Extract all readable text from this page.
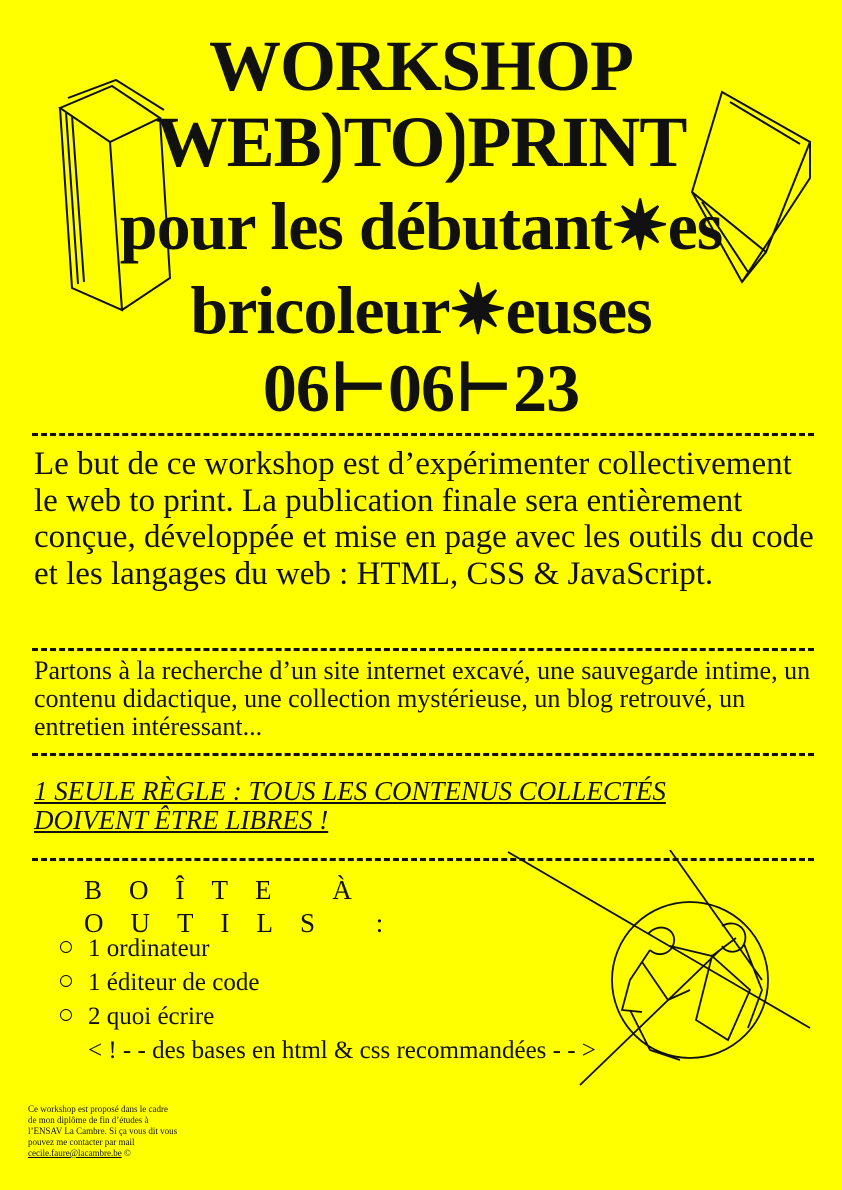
WORKSHOP
WEB⟯TO⟯PRINT
pour les débutant✷es
bricoleur✷euses
06⊢06⊢23

Le but de ce workshop est d’expérimenter collectivement le web to print. La publication finale sera entièrement conçue, développée et mise en page avec les outils du code et les langages du web : HTML, CSS & JavaScript.

Partons à la recherche d’un site internet excavé, une sauvegarde intime, un contenu didactique, une collection mystérieuse, un blog retrouvé, un entretien intéressant...

1 SEULE RÈGLE : TOUS LES CONTENUS COLLECTÉS
DOIVENT ÊTRE LIBRES !
BOÎTE À
OUTILS :
1 ordinateur
1 éditeur de code
2 quoi écrire
< ! - - des bases en html & css recommandées - - >
Ce workshop est proposé dans le cadre de mon diplôme de fin d’études à l’ENSAV La Cambre. Si ça vous dit vous pouvez me contacter par mail
cecile.faure@lacambre.be ©
